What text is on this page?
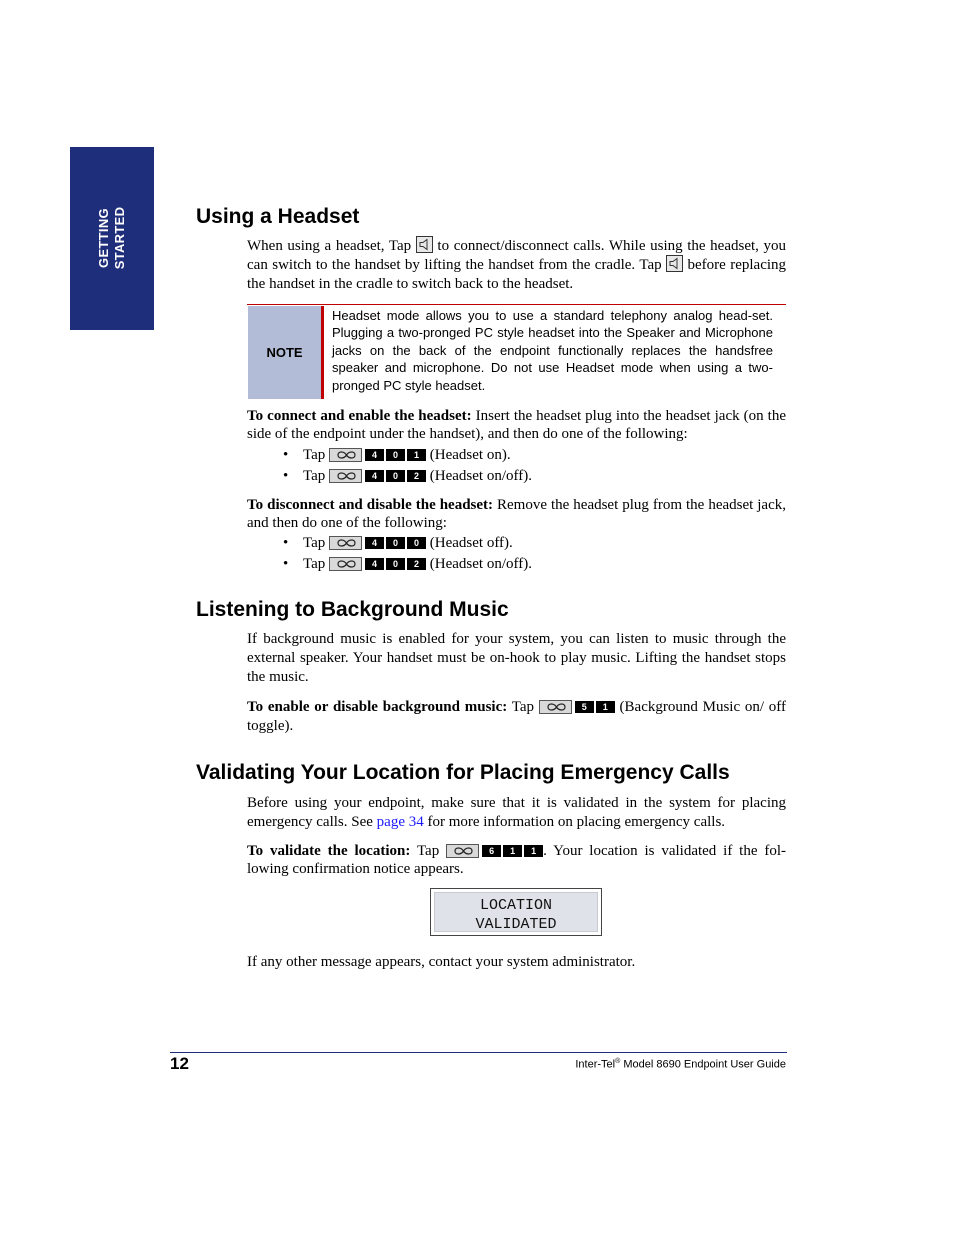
GETTING STARTED	Using a Headset

When using a headset, Tap to connect/disconnect calls. While using the headset, you can switch to the handset by lifting the handset from the cradle. Tap before replacing the handset in the cradle to switch back to the headset.

NOTE

Headset mode allows you to use a standard telephony analog head-set. Plugging a two-pronged PC style headset into the Speaker and Microphone jacks on the back of the endpoint functionally replaces the handsfree speaker and microphone. Do not use Headset mode when using a two-pronged PC style headset.

To connect and enable the headset: Insert the headset plug into the headset jack (on the side of the endpoint under the handset), and then do one of the following:

• Tap	4 0 1 (Headset on).
• Tap	4 0 2 (Headset on/off).

To disconnect and disable the headset: Remove the headset plug from the headset jack, and then do one of the following:

• Tap	4 0 0 (Headset off).
• Tap	4 0 2 (Headset on/off).
Listening to Background Music

If background music is enabled for your system, you can listen to music through the external speaker. Your handset must be on-hook to play music. Lifting the handset stops the music.

To enable or disable background music: Tap	5 1 (Background Music on/ off toggle).

Validating Your Location for Placing Emergency Calls

Before using your endpoint, make sure that it is validated in the system for placing emergency calls. See page 34 for more information on placing emergency calls.

To validate the location: Tap	6 1 1 . Your location is validated if the fol-lowing confirmation notice appears.

LOCATION
VALIDATED

If any other message appears, contact your system administrator.

12	Inter-Tel® Model 8690 Endpoint User Guide
